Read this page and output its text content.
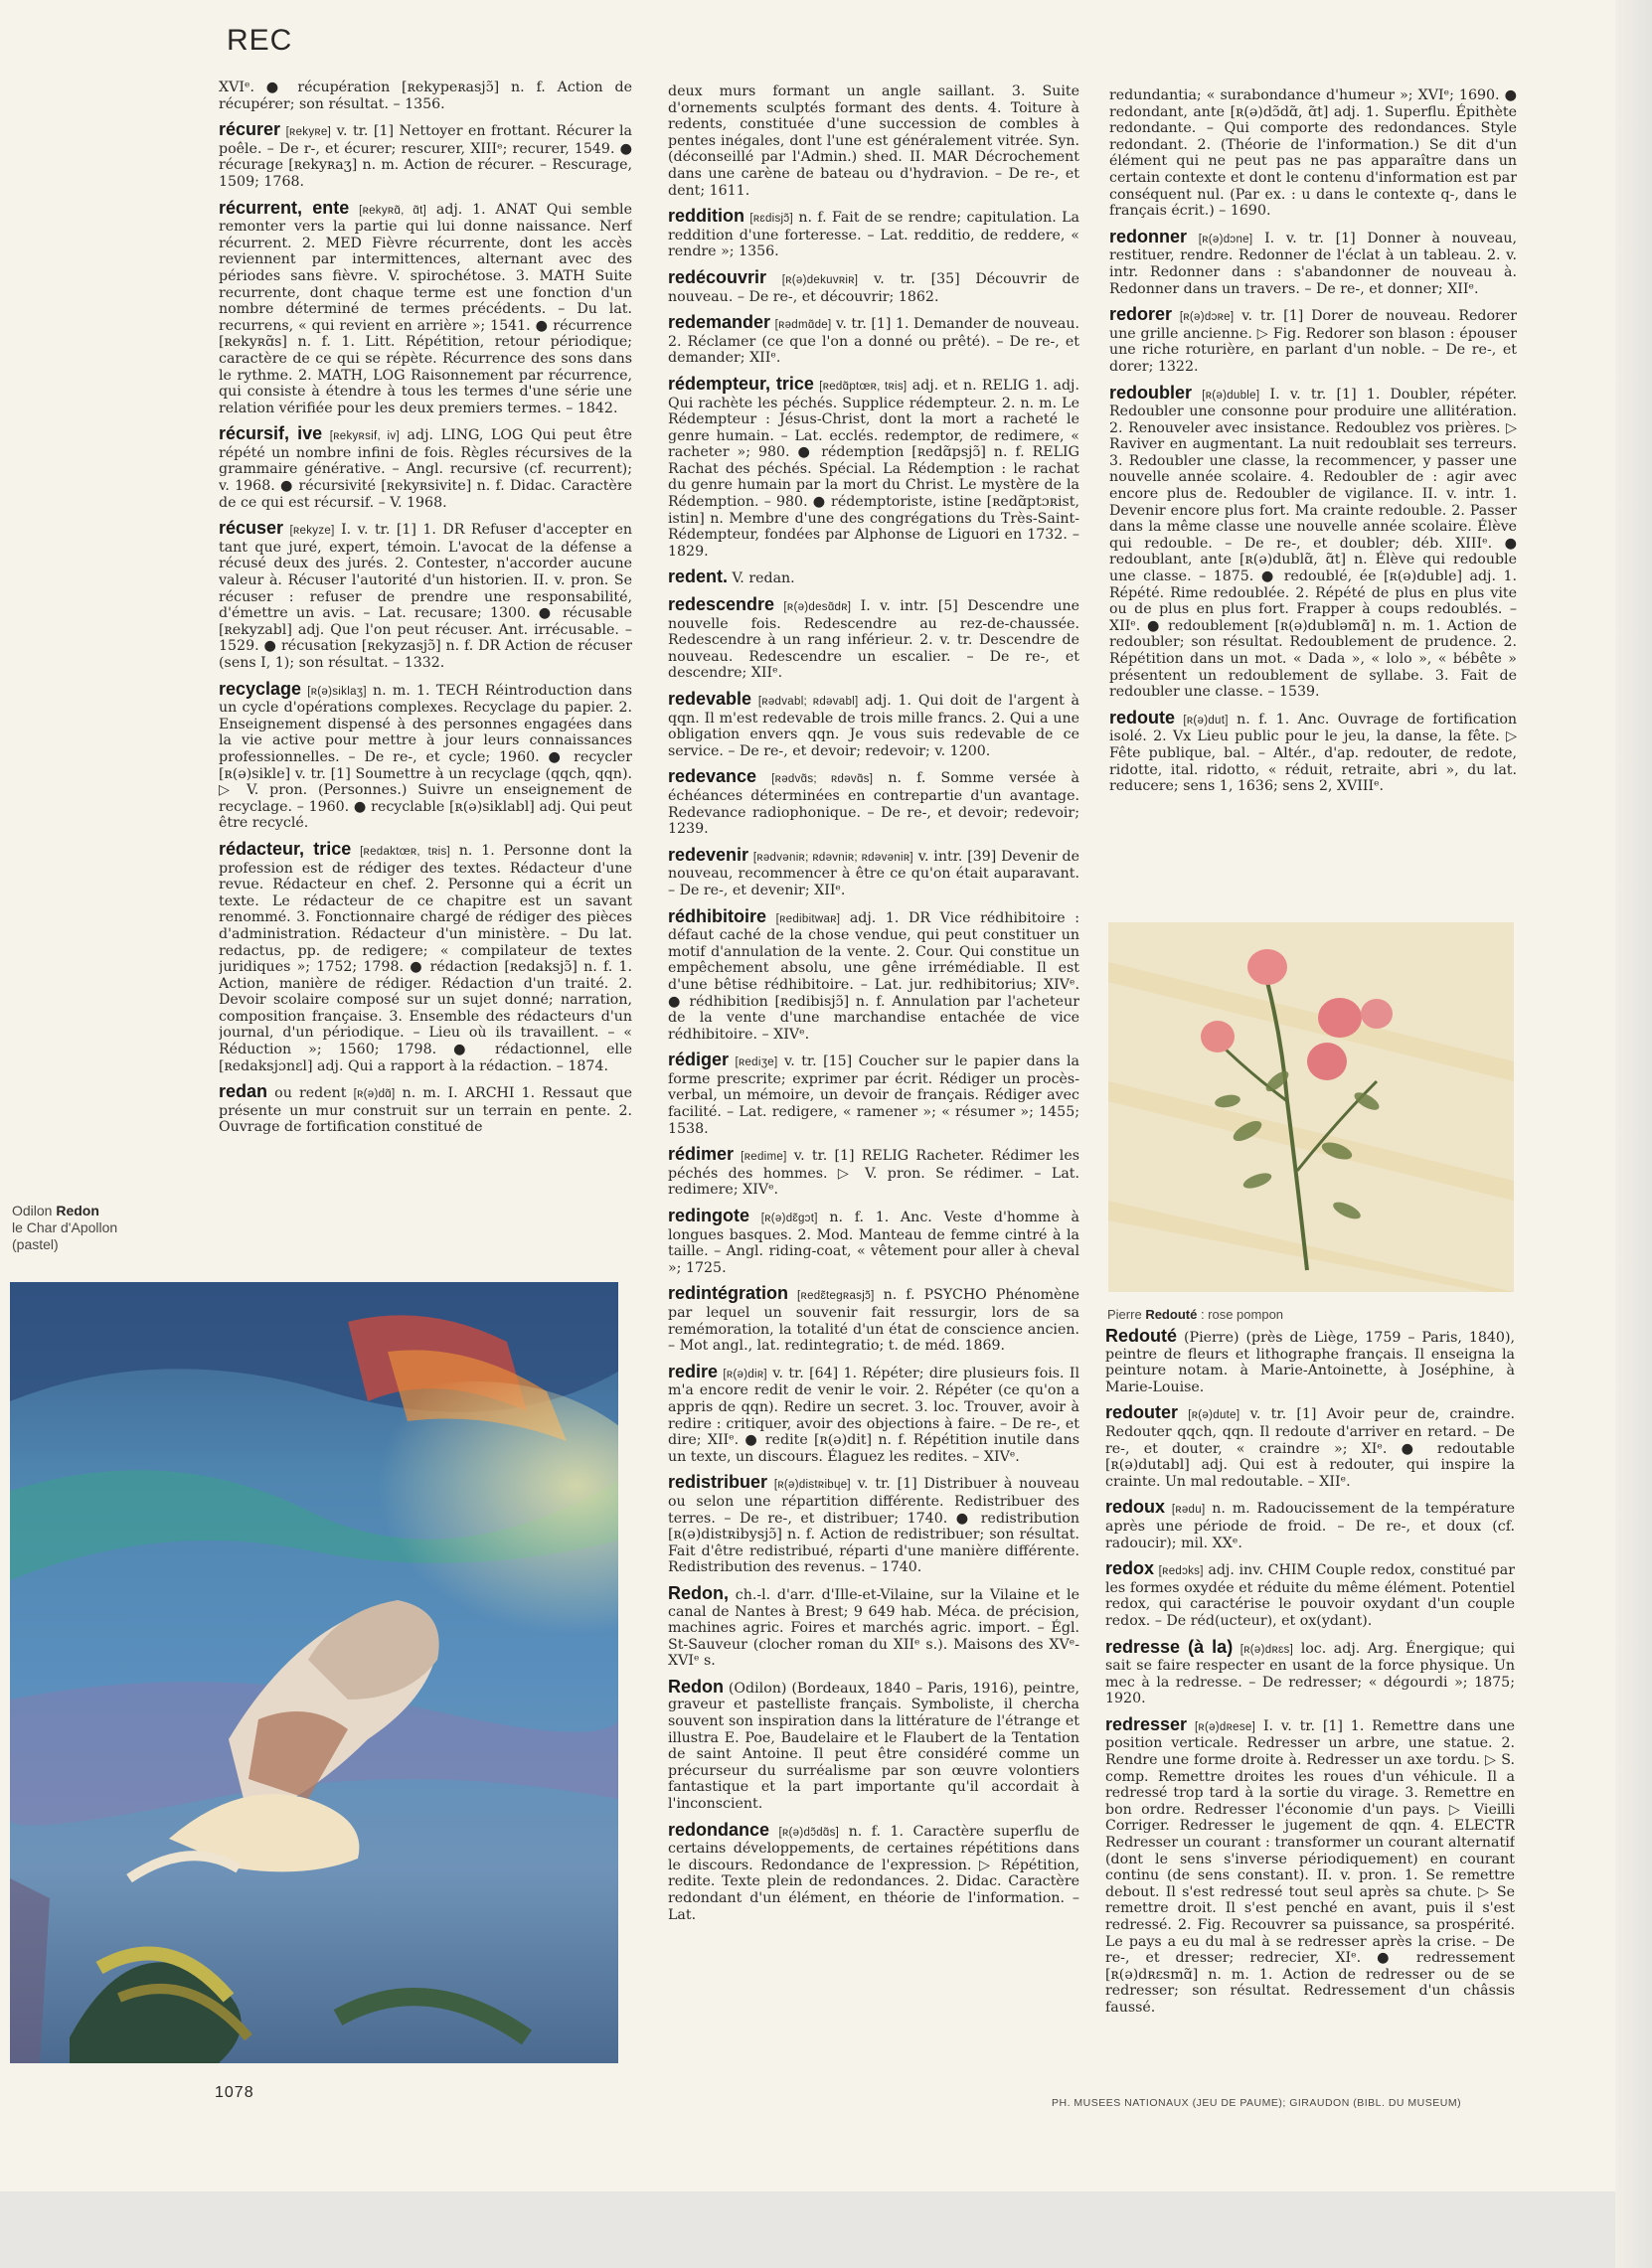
REC

XVIᵉ. ● récupération [ʀekypeʀasjɔ̃] n. f. Action de récupérer; son résultat. – 1356.

récurer [ʀekyʀe] v. tr. [1] Nettoyer en frottant. Récurer la poêle. – De r-, et écurer; rescurer, XIIIᵉ; recurer, 1549. ● récurage [ʀekyʀaʒ] n. m. Action de récurer. – Rescurage, 1509; 1768.

récurrent, ente [ʀekyʀɑ̃, ɑ̃t] adj. 1. ANAT Qui semble remonter vers la partie qui lui donne naissance. Nerf récurrent. 2. MED Fièvre récurrente, dont les accès reviennent par intermittences, alternant avec des périodes sans fièvre. V. spirochétose. 3. MATH Suite recurrente, dont chaque terme est une fonction d'un nombre déterminé de termes précédents. – Du lat. recurrens, « qui revient en arrière »; 1541. ● récurrence [ʀekyʀɑ̃s] n. f. 1. Litt. Répétition, retour périodique; caractère de ce qui se répète. Récurrence des sons dans le rythme. 2. MATH, LOG Raisonnement par récurrence, qui consiste à étendre à tous les termes d'une série une relation vérifiée pour les deux premiers termes. – 1842.

récursif, ive [ʀekyʀsif, iv] adj. LING, LOG Qui peut être répété un nombre infini de fois. Règles récursives de la grammaire générative. – Angl. recursive (cf. recurrent); v. 1968. ● récursivité [ʀekyʀsivite] n. f. Didac. Caractère de ce qui est récursif. – V. 1968.

récuser [ʀekyze] I. v. tr. [1] 1. DR Refuser d'accepter en tant que juré, expert, témoin. L'avocat de la défense a récusé deux des jurés. 2. Contester, n'accorder aucune valeur à. Récuser l'autorité d'un historien. II. v. pron. Se récuser : refuser de prendre une responsabilité, d'émettre un avis. – Lat. recusare; 1300. ● récusable [ʀekyzabl] adj. Que l'on peut récuser. Ant. irrécusable. – 1529. ● récusation [ʀekyzasjɔ̃] n. f. DR Action de récuser (sens I, 1); son résultat. – 1332.

recyclage [ʀ(ə)siklaʒ] n. m. 1. TECH Réintroduction dans un cycle d'opérations complexes. Recyclage du papier. 2. Enseignement dispensé à des personnes engagées dans la vie active pour mettre à jour leurs connaissances professionnelles. – De re-, et cycle; 1960. ● recycler [ʀ(ə)sikle] v. tr. [1] Soumettre à un recyclage (qqch, qqn). ▷ V. pron. (Personnes.) Suivre un enseignement de recyclage. – 1960. ● recyclable [ʀ(ə)siklabl] adj. Qui peut être recyclé.

rédacteur, trice [ʀedaktœʀ, tʀis] n. 1. Personne dont la profession est de rédiger des textes. Rédacteur d'une revue. Rédacteur en chef. 2. Personne qui a écrit un texte. Le rédacteur de ce chapitre est un savant renommé. 3. Fonctionnaire chargé de rédiger des pièces d'administration. Rédacteur d'un ministère. – Du lat. redactus, pp. de redigere; « compilateur de textes juridiques »; 1752; 1798. ● rédaction [ʀedaksjɔ̃] n. f. 1. Action, manière de rédiger. Rédaction d'un traité. 2. Devoir scolaire composé sur un sujet donné; narration, composition française. 3. Ensemble des rédacteurs d'un journal, d'un périodique. – Lieu où ils travaillent. – « Réduction »; 1560; 1798. ● rédactionnel, elle [ʀedaksjɔnɛl] adj. Qui a rapport à la rédaction. – 1874.

redan ou redent [ʀ(ə)dɑ̃] n. m. I. ARCHI 1. Ressaut que présente un mur construit sur un terrain en pente. 2. Ouvrage de fortification constitué de

deux murs formant un angle saillant. 3. Suite d'ornements sculptés formant des dents. 4. Toiture à redents, constituée d'une succession de combles à pentes inégales, dont l'une est généralement vitrée. Syn. (déconseillé par l'Admin.) shed. II. MAR Décrochement dans une carène de bateau ou d'hydravion. – De re-, et dent; 1611.

reddition [ʀɛdisjɔ̃] n. f. Fait de se rendre; capitulation. La reddition d'une forteresse. – Lat. redditio, de reddere, « rendre »; 1356.

redécouvrir [ʀ(ə)dekuvʀiʀ] v. tr. [35] Découvrir de nouveau. – De re-, et découvrir; 1862.

redemander [ʀədmɑ̃de] v. tr. [1] 1. Demander de nouveau. 2. Réclamer (ce que l'on a donné ou prêté). – De re-, et demander; XIIᵉ.

rédempteur, trice [ʀedɑ̃ptœʀ, tʀis] adj. et n. RELIG 1. adj. Qui rachète les péchés. Supplice rédempteur. 2. n. m. Le Rédempteur : Jésus-Christ, dont la mort a racheté le genre humain. – Lat. ecclés. redemptor, de redimere, « racheter »; 980. ● rédemption [ʀedɑ̃psjɔ̃] n. f. RELIG Rachat des péchés. Spécial. La Rédemption : le rachat du genre humain par la mort du Christ. Le mystère de la Rédemption. – 980. ● rédemptoriste, istine [ʀedɑ̃ptɔʀist, istin] n. Membre d'une des congrégations du Très-Saint-Rédempteur, fondées par Alphonse de Liguori en 1732. – 1829.

redent. V. redan.

redescendre [ʀ(ə)desɑ̃dʀ] I. v. intr. [5] Descendre une nouvelle fois. Redescendre au rez-de-chaussée. Redescendre à un rang inférieur. 2. v. tr. Descendre de nouveau. Redescendre un escalier. – De re-, et descendre; XIIᵉ.

redevable [ʀədvabl; ʀdəvabl] adj. 1. Qui doit de l'argent à qqn. Il m'est redevable de trois mille francs. 2. Qui a une obligation envers qqn. Je vous suis redevable de ce service. – De re-, et devoir; redevoir; v. 1200.

redevance [ʀədvɑ̃s; ʀdəvɑ̃s] n. f. Somme versée à échéances déterminées en contrepartie d'un avantage. Redevance radiophonique. – De re-, et devoir; redevoir; 1239.

redevenir [ʀədvəniʀ; ʀdəvniʀ; ʀdəvəniʀ] v. intr. [39] Devenir de nouveau, recommencer à être ce qu'on était auparavant. – De re-, et devenir; XIIᵉ.

rédhibitoire [ʀedibitwaʀ] adj. 1. DR Vice rédhibitoire : défaut caché de la chose vendue, qui peut constituer un motif d'annulation de la vente. 2. Cour. Qui constitue un empêchement absolu, une gêne irrémédiable. Il est d'une bêtise rédhibitoire. – Lat. jur. redhibitorius; XIVᵉ. ● rédhibition [ʀedibisjɔ̃] n. f. Annulation par l'acheteur de la vente d'une marchandise entachée de vice rédhibitoire. – XIVᵉ.

rédiger [ʀediʒe] v. tr. [15] Coucher sur le papier dans la forme prescrite; exprimer par écrit. Rédiger un procès-verbal, un mémoire, un devoir de français. Rédiger avec facilité. – Lat. redigere, « ramener »; « résumer »; 1455; 1538.

rédimer [ʀedime] v. tr. [1] RELIG Racheter. Rédimer les péchés des hommes. ▷ V. pron. Se rédimer. – Lat. redimere; XIVᵉ.

redingote [ʀ(ə)dɛ̃gɔt] n. f. 1. Anc. Veste d'homme à longues basques. 2. Mod. Manteau de femme cintré à la taille. – Angl. riding-coat, « vêtement pour aller à cheval »; 1725.

redintégration [ʀedɛ̃tegʀasjɔ̃] n. f. PSYCHO Phénomène par lequel un souvenir fait ressurgir, lors de sa remémoration, la totalité d'un état de conscience ancien. – Mot angl., lat. redintegratio; t. de méd. 1869.

redire [ʀ(ə)diʀ] v. tr. [64] 1. Répéter; dire plusieurs fois. Il m'a encore redit de venir le voir. 2. Répéter (ce qu'on a appris de qqn). Redire un secret. 3. loc. Trouver, avoir à redire : critiquer, avoir des objections à faire. – De re-, et dire; XIIᵉ. ● redite [ʀ(ə)dit] n. f. Répétition inutile dans un texte, un discours. Élaguez les redites. – XIVᵉ.

redistribuer [ʀ(ə)distʀibɥe] v. tr. [1] Distribuer à nouveau ou selon une répartition différente. Redistribuer des terres. – De re-, et distribuer; 1740. ● redistribution [ʀ(ə)distʀibysjɔ̃] n. f. Action de redistribuer; son résultat. Fait d'être redistribué, réparti d'une manière différente. Redistribution des revenus. – 1740.

Redon, ch.-l. d'arr. d'Ille-et-Vilaine, sur la Vilaine et le canal de Nantes à Brest; 9 649 hab. Méca. de précision, machines agric. Foires et marchés agric. import. – Égl. St-Sauveur (clocher roman du XIIᵉ s.). Maisons des XVᵉ-XVIᵉ s.

Redon (Odilon) (Bordeaux, 1840 – Paris, 1916), peintre, graveur et pastelliste français. Symboliste, il chercha souvent son inspiration dans la littérature de l'étrange et illustra E. Poe, Baudelaire et le Flaubert de la Tentation de saint Antoine. Il peut être considéré comme un précurseur du surréalisme par son œuvre volontiers fantastique et la part importante qu'il accordait à l'inconscient.

redondance [ʀ(ə)dɔ̃dɑ̃s] n. f. 1. Caractère superflu de certains développements, de certaines répétitions dans le discours. Redondance de l'expression. ▷ Répétition, redite. Texte plein de redondances. 2. Didac. Caractère redondant d'un élément, en théorie de l'information. – Lat.

redundantia; « surabondance d'humeur »; XVIᵉ; 1690. ● redondant, ante [ʀ(ə)dɔ̃dɑ̃, ɑ̃t] adj. 1. Superflu. Épithète redondante. – Qui comporte des redondances. Style redondant. 2. (Théorie de l'information.) Se dit d'un élément qui ne peut pas ne pas apparaître dans un certain contexte et dont le contenu d'information est par conséquent nul. (Par ex. : u dans le contexte q-, dans le français écrit.) – 1690.

redonner [ʀ(ə)dɔne] I. v. tr. [1] Donner à nouveau, restituer, rendre. Redonner de l'éclat à un tableau. 2. v. intr. Redonner dans : s'abandonner de nouveau à. Redonner dans un travers. – De re-, et donner; XIIᵉ.

redorer [ʀ(ə)dɔʀe] v. tr. [1] Dorer de nouveau. Redorer une grille ancienne. ▷ Fig. Redorer son blason : épouser une riche roturière, en parlant d'un noble. – De re-, et dorer; 1322.

redoubler [ʀ(ə)duble] I. v. tr. [1] 1. Doubler, répéter. Redoubler une consonne pour produire une allitération. 2. Renouveler avec insistance. Redoublez vos prières. ▷ Raviver en augmentant. La nuit redoublait ses terreurs. 3. Redoubler une classe, la recommencer, y passer une nouvelle année scolaire. 4. Redoubler de : agir avec encore plus de. Redoubler de vigilance. II. v. intr. 1. Devenir encore plus fort. Ma crainte redouble. 2. Passer dans la même classe une nouvelle année scolaire. Élève qui redouble. – De re-, et doubler; déb. XIIIᵉ. ● redoublant, ante [ʀ(ə)dublɑ̃, ɑ̃t] n. Élève qui redouble une classe. – 1875. ● redoublé, ée [ʀ(ə)duble] adj. 1. Répété. Rime redoublée. 2. Répété de plus en plus vite ou de plus en plus fort. Frapper à coups redoublés. – XIIᵉ. ● redoublement [ʀ(ə)dubləmɑ̃] n. m. 1. Action de redoubler; son résultat. Redoublement de prudence. 2. Répétition dans un mot. « Dada », « lolo », « bébête » présentent un redoublement de syllabe. 3. Fait de redoubler une classe. – 1539.

redoute [ʀ(ə)dut] n. f. 1. Anc. Ouvrage de fortification isolé. 2. Vx Lieu public pour le jeu, la danse, la fête. ▷ Fête publique, bal. – Altér., d'ap. redouter, de redote, ridotte, ital. ridotto, « réduit, retraite, abri », du lat. reducere; sens 1, 1636; sens 2, XVIIIᵉ.

Redouté (Pierre) (près de Liège, 1759 – Paris, 1840), peintre de fleurs et lithographe français. Il enseigna la peinture notam. à Marie-Antoinette, à Joséphine, à Marie-Louise.

redouter [ʀ(ə)dute] v. tr. [1] Avoir peur de, craindre. Redouter qqch, qqn. Il redoute d'arriver en retard. – De re-, et douter, « craindre »; XIᵉ. ● redoutable [ʀ(ə)dutabl] adj. Qui est à redouter, qui inspire la crainte. Un mal redoutable. – XIIᵉ.

redoux [ʀədu] n. m. Radoucissement de la température après une période de froid. – De re-, et doux (cf. radoucir); mil. XXᵉ.

redox [ʀedɔks] adj. inv. CHIM Couple redox, constitué par les formes oxydée et réduite du même élément. Potentiel redox, qui caractérise le pouvoir oxydant d'un couple redox. – De réd(ucteur), et ox(ydant).

redresse (à la) [ʀ(ə)dʀɛs] loc. adj. Arg. Énergique; qui sait se faire respecter en usant de la force physique. Un mec à la redresse. – De redresser; « dégourdi »; 1875; 1920.

redresser [ʀ(ə)dʀese] I. v. tr. [1] 1. Remettre dans une position verticale. Redresser un arbre, une statue. 2. Rendre une forme droite à. Redresser un axe tordu. ▷ S. comp. Remettre droites les roues d'un véhicule. Il a redressé trop tard à la sortie du virage. 3. Remettre en bon ordre. Redresser l'économie d'un pays. ▷ Vieilli Corriger. Redresser le jugement de qqn. 4. ELECTR Redresser un courant : transformer un courant alternatif (dont le sens s'inverse périodiquement) en courant continu (de sens constant). II. v. pron. 1. Se remettre debout. Il s'est redressé tout seul après sa chute. ▷ Se remettre droit. Il s'est penché en avant, puis il s'est redressé. 2. Fig. Recouvrer sa puissance, sa prospérité. Le pays a eu du mal à se redresser après la crise. – De re-, et dresser; redrecier, XIᵉ. ● redressement [ʀ(ə)dʀɛsmɑ̃] n. m. 1. Action de redresser ou de se redresser; son résultat. Redressement d'un châssis faussé.

Odilon Redon
le Char d'Apollon
(pastel)
Pierre Redouté : rose pompon
1078
PH. MUSEES NATIONAUX (JEU DE PAUME); GIRAUDON (BIBL. DU MUSEUM)
